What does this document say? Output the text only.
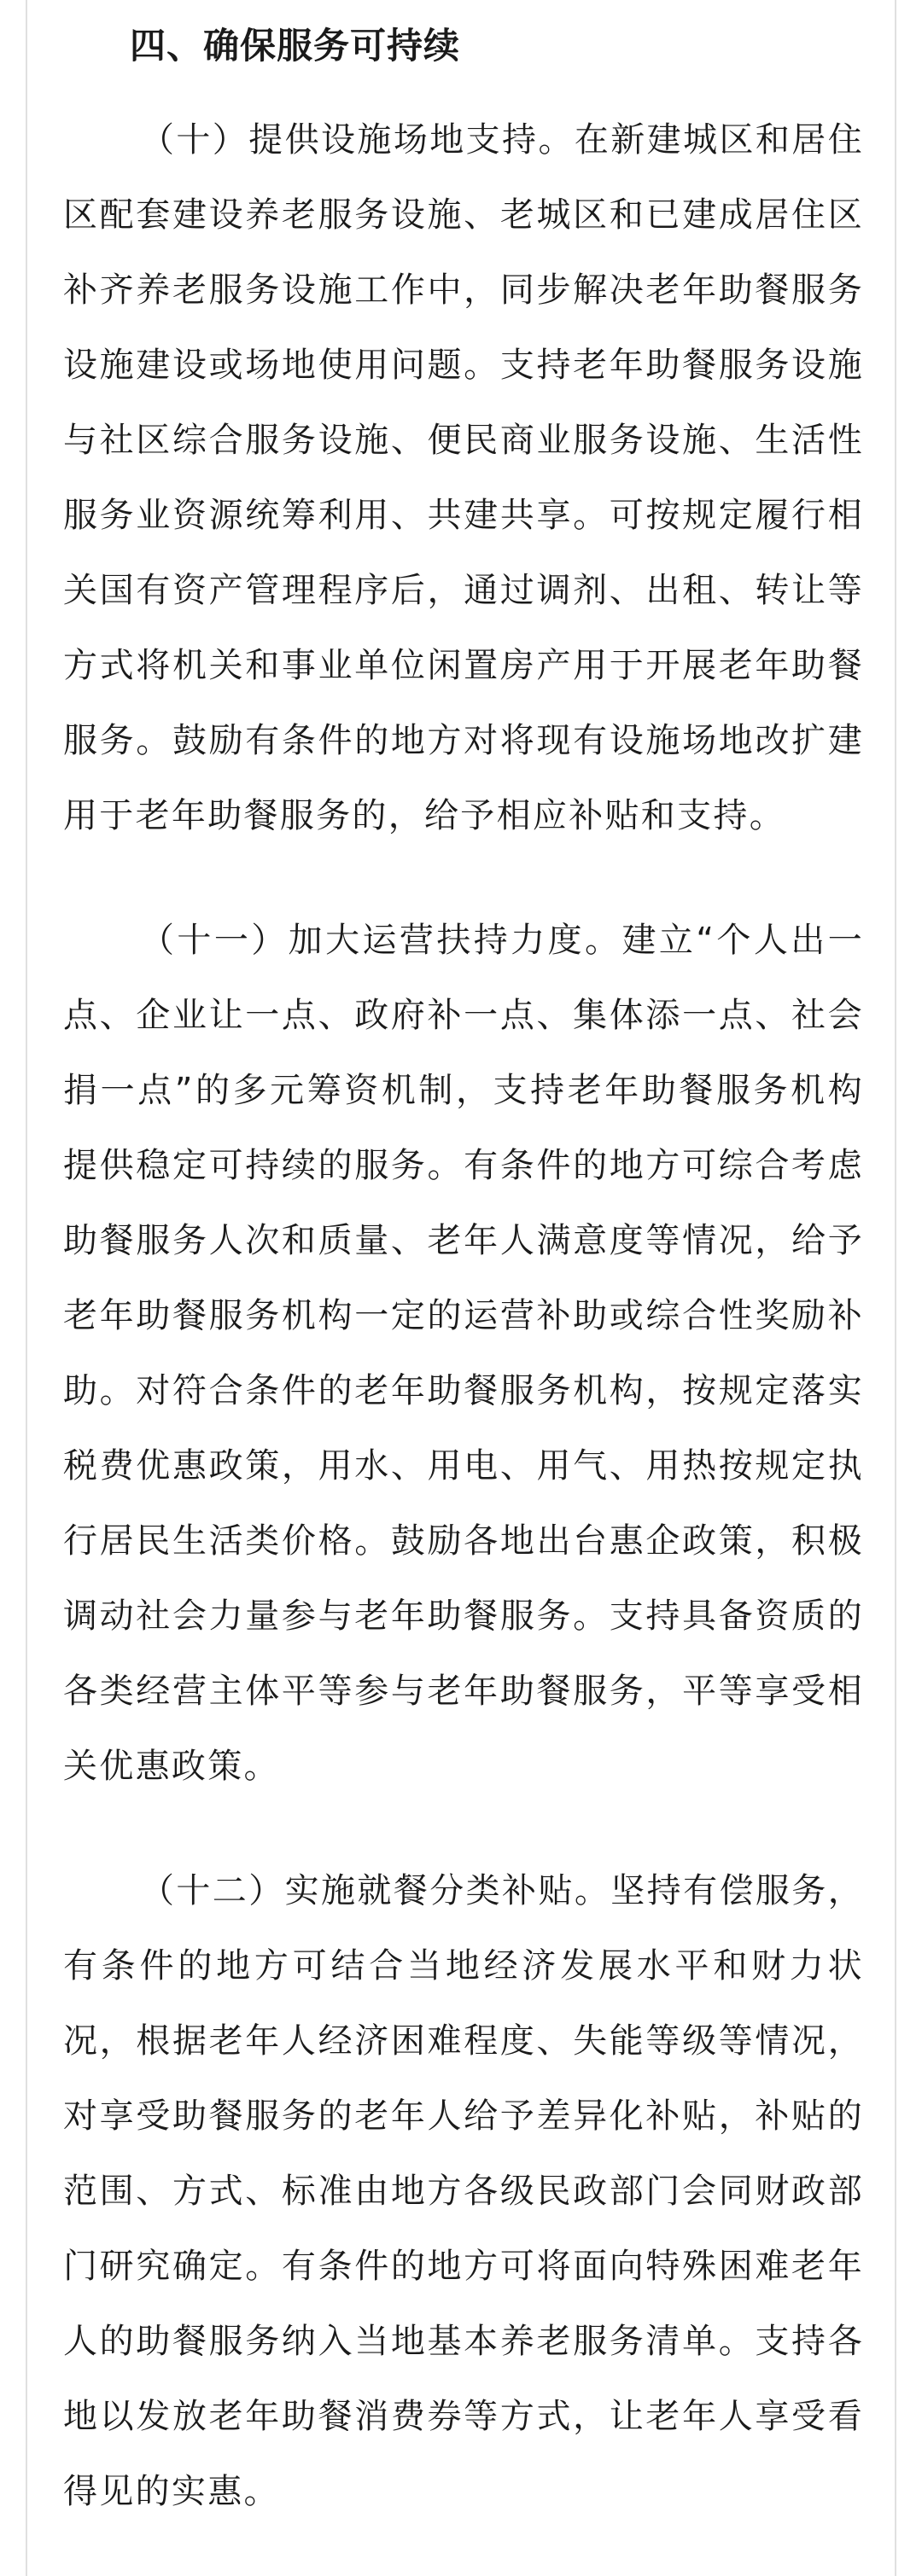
四、确保服务可持续

（十）提供设施场地支持。在新建城区和居住区配套建设养老服务设施、老城区和已建成居住区补齐养老服务设施工作中，同步解决老年助餐服务设施建设或场地使用问题。支持老年助餐服务设施与社区综合服务设施、便民商业服务设施、生活性服务业资源统筹利用、共建共享。可按规定履行相关国有资产管理程序后，通过调剂、出租、转让等方式将机关和事业单位闲置房产用于开展老年助餐服务。鼓励有条件的地方对将现有设施场地改扩建用于老年助餐服务的，给予相应补贴和支持。

（十一）加大运营扶持力度。建立“个人出一点、企业让一点、政府补一点、集体添一点、社会捐一点”的多元筹资机制，支持老年助餐服务机构提供稳定可持续的服务。有条件的地方可综合考虑助餐服务人次和质量、老年人满意度等情况，给予老年助餐服务机构一定的运营补助或综合性奖励补助。对符合条件的老年助餐服务机构，按规定落实税费优惠政策，用水、用电、用气、用热按规定执行居民生活类价格。鼓励各地出台惠企政策，积极调动社会力量参与老年助餐服务。支持具备资质的各类经营主体平等参与老年助餐服务，平等享受相关优惠政策。

（十二）实施就餐分类补贴。坚持有偿服务，有条件的地方可结合当地经济发展水平和财力状况，根据老年人经济困难程度、失能等级等情况，对享受助餐服务的老年人给予差异化补贴，补贴的范围、方式、标准由地方各级民政部门会同财政部门研究确定。有条件的地方可将面向特殊困难老年人的助餐服务纳入当地基本养老服务清单。支持各地以发放老年助餐消费券等方式，让老年人享受看得见的实惠。
